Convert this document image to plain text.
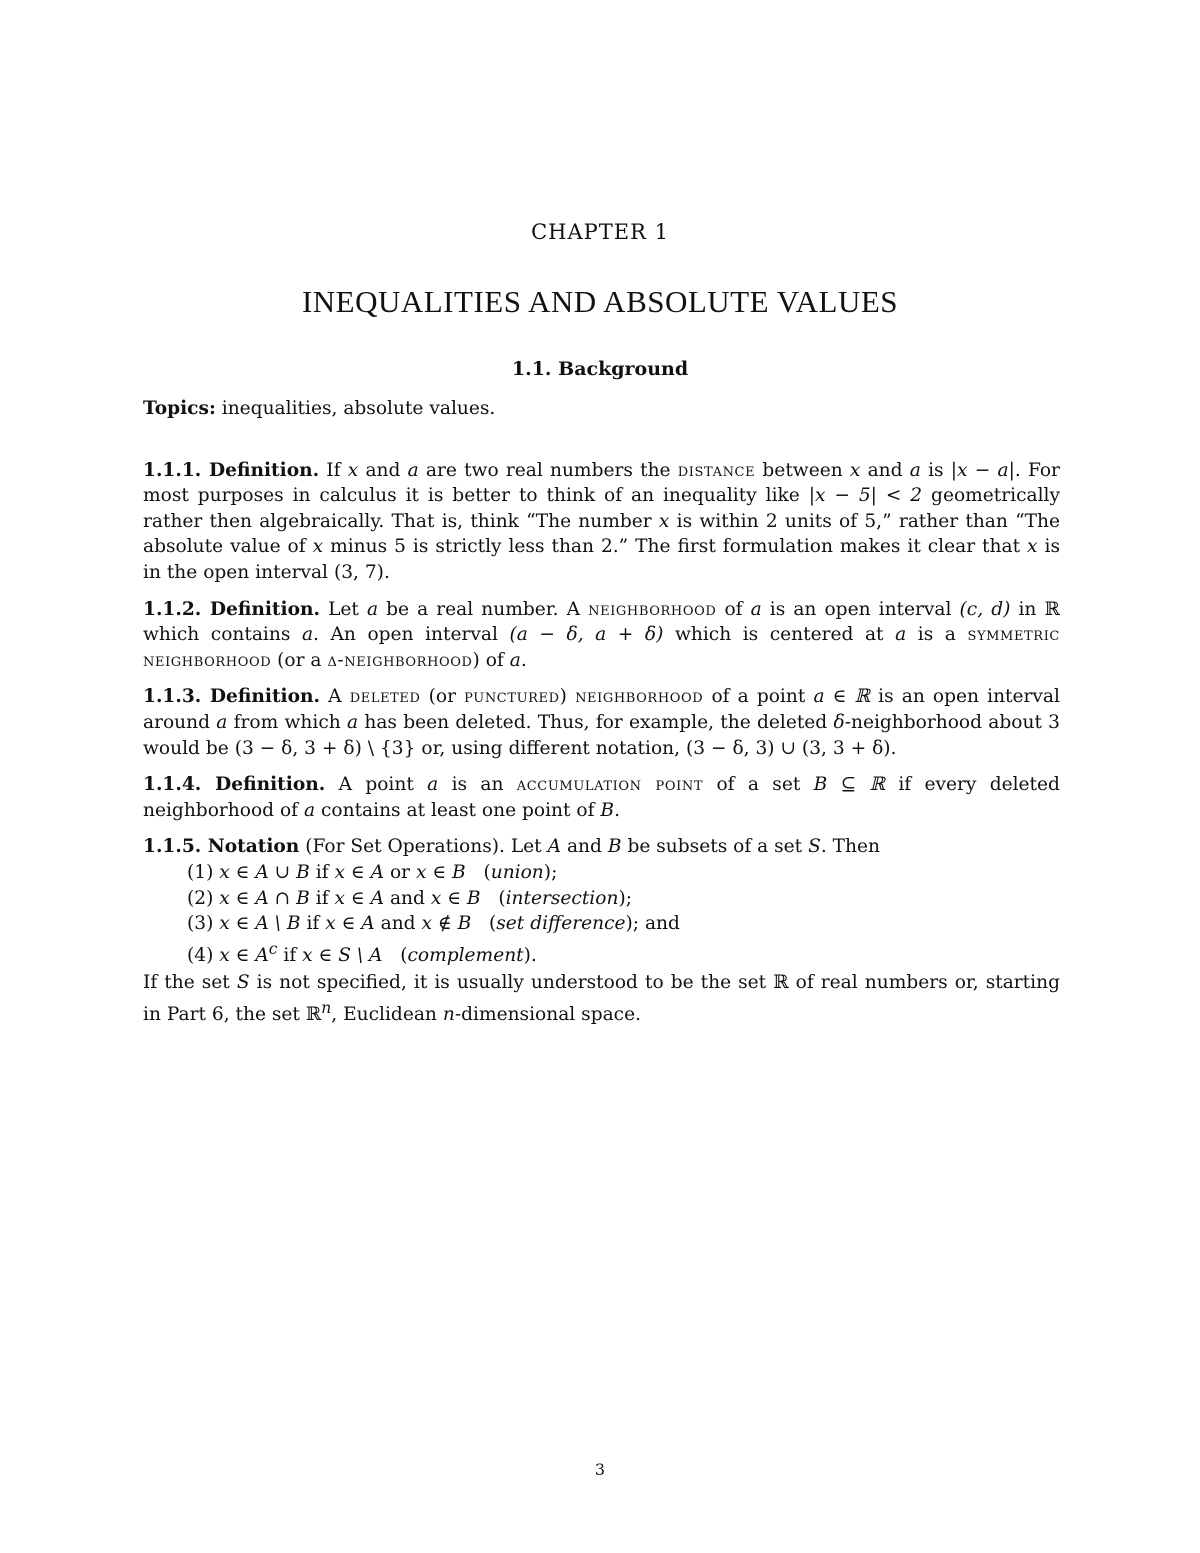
CHAPTER 1
INEQUALITIES AND ABSOLUTE VALUES
1.1. Background

Topics: inequalities, absolute values.

1.1.1. Definition. If x and a are two real numbers the distance between x and a is |x − a|. For most purposes in calculus it is better to think of an inequality like |x − 5| < 2 geometrically rather then algebraically. That is, think “The number x is within 2 units of 5,” rather than “The absolute value of x minus 5 is strictly less than 2.” The first formulation makes it clear that x is in the open interval (3, 7).

1.1.2. Definition. Let a be a real number. A neighborhood of a is an open interval (c, d) in ℝ which contains a. An open interval (a − δ, a + δ) which is centered at a is a symmetric neighborhood (or a δ-neighborhood) of a.

1.1.3. Definition. A deleted (or punctured) neighborhood of a point a ∈ ℝ is an open interval around a from which a has been deleted. Thus, for example, the deleted δ-neighborhood about 3 would be (3 − δ, 3 + δ) \ {3} or, using different notation, (3 − δ, 3) ∪ (3, 3 + δ).

1.1.4. Definition. A point a is an accumulation point of a set B ⊆ ℝ if every deleted neighborhood of a contains at least one point of B.

1.1.5. Notation (For Set Operations). Let A and B be subsets of a set S. Then

(1) x ∈ A ∪ B if x ∈ A or x ∈ B   (union);
(2) x ∈ A ∩ B if x ∈ A and x ∈ B   (intersection);
(3) x ∈ A \ B if x ∈ A and x ∉ B   (set difference); and
(4) x ∈ $A^c$ if x ∈ S \ A   (complement).

If the set S is not specified, it is usually understood to be the set ℝ of real numbers or, starting in Part 6, the set ℝ$^n$, Euclidean n-dimensional space.

3
